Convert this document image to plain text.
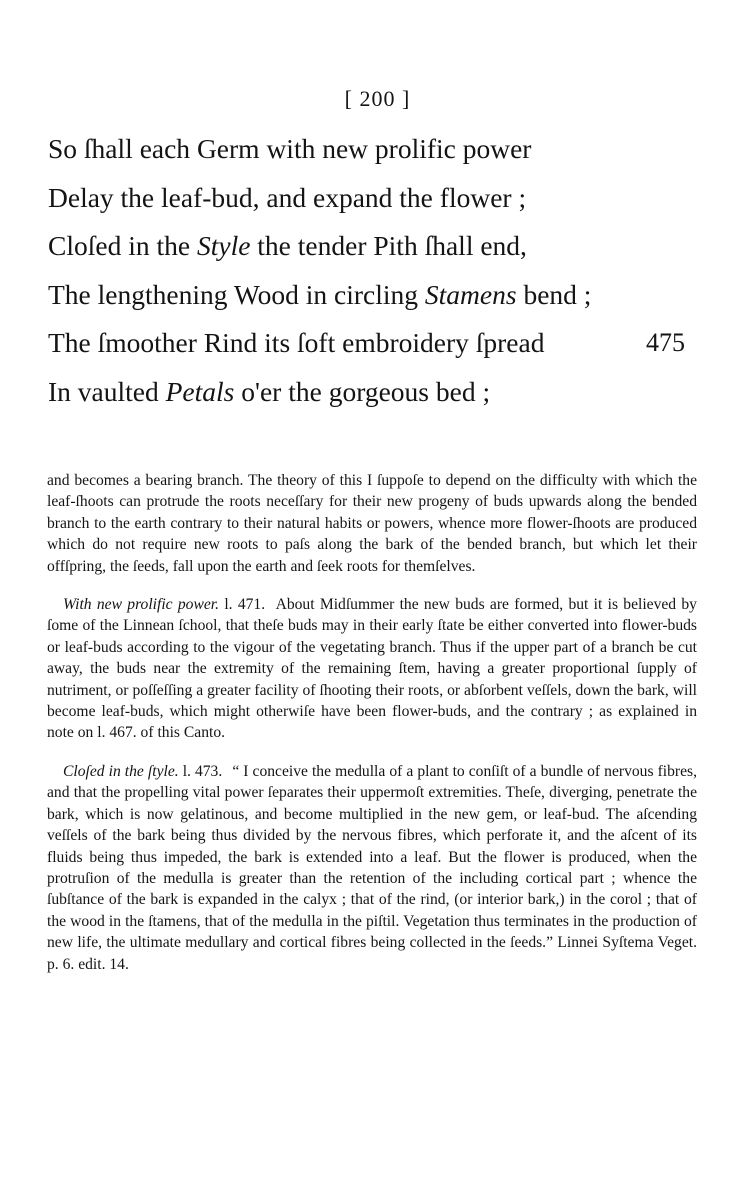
[ 200 ]
So ſhall each Germ with new prolific power
Delay the leaf-bud, and expand the flower ;
Cloſed in the Style the tender Pith ſhall end,
The lengthening Wood in circling Stamens bend ;
The ſmoother Rind its ſoft embroidery ſpread	475
In vaulted Petals o'er the gorgeous bed ;

and becomes a bearing branch. The theory of this I ſuppoſe to depend on the difficulty with which the leaf-ſhoots can protrude the roots neceſſary for their new progeny of buds upwards along the bended branch to the earth contrary to their natural habits or powers, whence more flower-ſhoots are produced which do not require new roots to paſs along the bark of the bended branch, but which let their offſpring, the ſeeds, fall upon the earth and ſeek roots for themſelves.

With new prolific power. l. 471. About Midſummer the new buds are formed, but it is believed by ſome of the Linnean ſchool, that theſe buds may in their early ſtate be either converted into flower-buds or leaf-buds according to the vigour of the vegetating branch. Thus if the upper part of a branch be cut away, the buds near the extremity of the remaining ſtem, having a greater proportional ſupply of nutriment, or poſſeſſing a greater facility of ſhooting their roots, or abſorbent veſſels, down the bark, will become leaf-buds, which might otherwiſe have been flower-buds, and the contrary ; as explained in note on l. 467. of this Canto.

Cloſed in the ſtyle. l. 473. “ I conceive the medulla of a plant to conſiſt of a bundle of nervous fibres, and that the propelling vital power ſeparates their uppermoſt extremities. Theſe, diverging, penetrate the bark, which is now gelatinous, and become multiplied in the new gem, or leaf-bud. The aſcending veſſels of the bark being thus divided by the nervous fibres, which perforate it, and the aſcent of its fluids being thus impeded, the bark is extended into a leaf. But the flower is produced, when the protruſion of the medulla is greater than the retention of the including cortical part ; whence the ſubſtance of the bark is expanded in the calyx ; that of the rind, (or interior bark,) in the corol ; that of the wood in the ſtamens, that of the medulla in the piſtil. Vegetation thus terminates in the production of new life, the ultimate medullary and cortical fibres being collected in the ſeeds.” Linnei Syſtema Veget. p. 6. edit. 14.
